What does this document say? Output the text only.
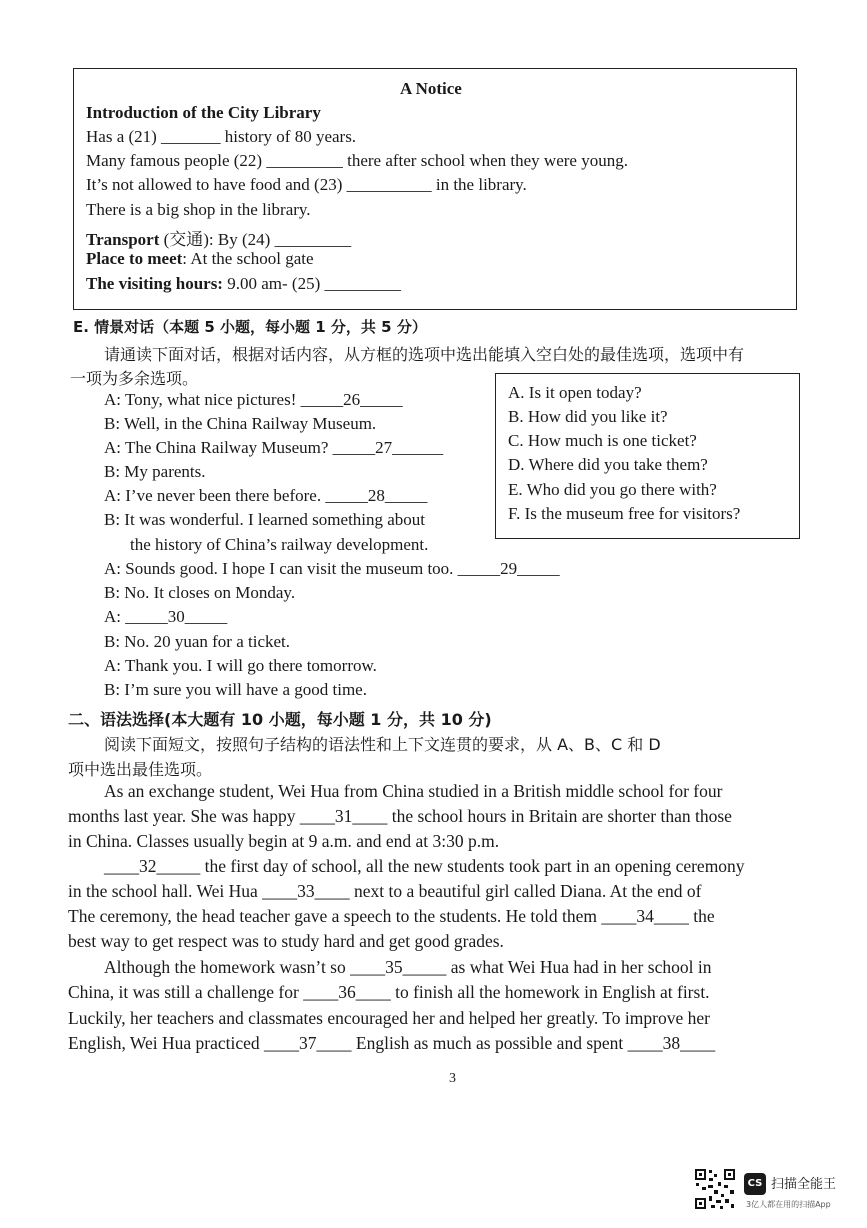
A Notice
Introduction of the City Library
Has a (21) _______ history of 80 years.
Many famous people (22) _________ there after school when they were young.
It’s not allowed to have food and (23) __________ in the library.
There is a big shop in the library.
Transport (交通): By (24) _________
Place to meet: At the school gate
The visiting hours: 9.00 am- (25) _________
E. 情景对话（本题 5 小题，每小题 1 分，共 5 分）
请通读下面对话，根据对话内容，从方框的选项中选出能填入空白处的最佳选项，选项中有
一项为多余选项。
A: Tony, what nice pictures! _____26_____
B: Well, in the China Railway Museum.
A: The China Railway Museum? _____27______
B: My parents.
A: I’ve never been there before. _____28_____
B: It was wonderful. I learned something about
the history of China’s railway development.
A: Sounds good. I hope I can visit the museum too. _____29_____
B: No. It closes on Monday.
A: _____30_____
B: No. 20 yuan for a ticket.
A: Thank you. I will go there tomorrow.
B: I’m sure you will have a good time.
A. Is it open today?
B. How did you like it?
C. How much is one ticket?
D. Where did you take them?
E. Who did you go there with?
F. Is the museum free for visitors?
二、语法选择(本大题有 10 小题，每小题 1 分，共 10 分)
阅读下面短文，按照句子结构的语法性和上下文连贯的要求，从 A、B、C 和 D
项中选出最佳选项。
As an exchange student, Wei Hua from China studied in a British middle school for four
months last year. She was happy ____31____ the school hours in Britain are shorter than those
in China. Classes usually begin at 9 a.m. and end at 3:30 p.m.
____32_____ the first day of school, all the new students took part in an opening ceremony
in the school hall. Wei Hua ____33____ next to a beautiful girl called Diana. At the end of
The ceremony, the head teacher gave a speech to the students. He told them ____34____ the
best way to get respect was to study hard and get good grades.
Although the homework wasn’t so ____35_____ as what Wei Hua had in her school in
China, it was still a challenge for ____36____ to finish all the homework in English at first.
Luckily, her teachers and classmates encouraged her and helped her greatly. To improve her
English, Wei Hua practiced ____37____ English as much as possible and spent ____38____
3
CS 扫描全能王
3亿人都在用的扫描App
